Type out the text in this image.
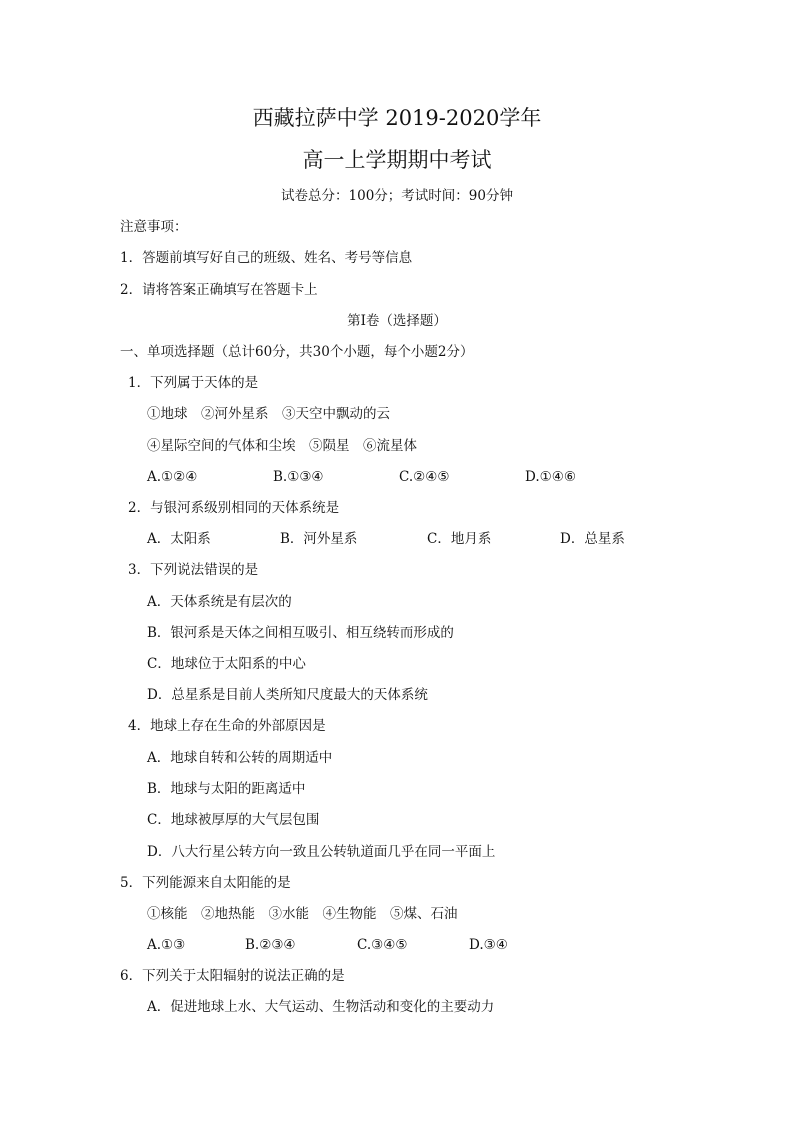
西藏拉萨中学 2019-2020学年
高一上学期期中考试
试卷总分：100分；考试时间：90分钟
注意事项：
1．答题前填写好自己的班级、姓名、考号等信息
2．请将答案正确填写在答题卡上
第I卷（选择题）
一、单项选择题（总计60分，共30个小题，每个小题2分）
1．下列属于天体的是
①地球　②河外星系　③天空中飘动的云
④星际空间的气体和尘埃　⑤陨星　⑥流星体
A.①②④	B.①③④	C.②④⑤	D.①④⑥
2．与银河系级别相同的天体系统是
A．太阳系	B．河外星系	C．地月系	D．总星系
3．下列说法错误的是
A．天体系统是有层次的
B．银河系是天体之间相互吸引、相互绕转而形成的
C．地球位于太阳系的中心
D．总星系是目前人类所知尺度最大的天体系统
4．地球上存在生命的外部原因是
A．地球自转和公转的周期适中
B．地球与太阳的距离适中
C．地球被厚厚的大气层包围
D．八大行星公转方向一致且公转轨道面几乎在同一平面上
5．下列能源来自太阳能的是
①核能　②地热能　③水能　④生物能　⑤煤、石油
A.①③	B.②③④	C.③④⑤	D.③④
6．下列关于太阳辐射的说法正确的是
A．促进地球上水、大气运动、生物活动和变化的主要动力
